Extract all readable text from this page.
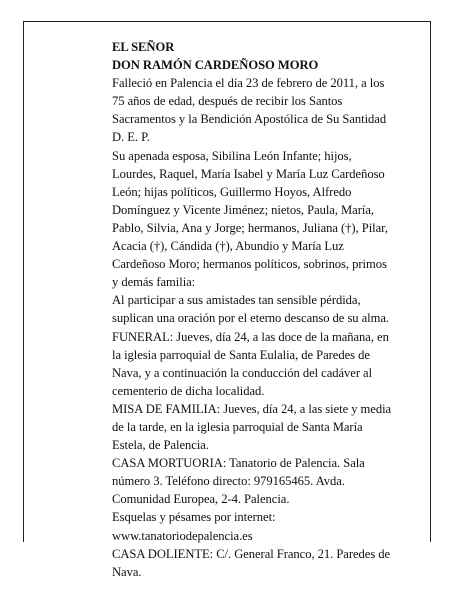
EL SEÑOR
DON RAMÓN CARDEÑOSO MORO

Falleció en Palencia el día 23 de febrero de 2011, a los
75 años de edad, después de recibir los Santos
Sacramentos y la Bendición Apostólica de Su Santidad
D. E. P.

Su apenada esposa, Sibilina León Infante; hijos,
Lourdes, Raquel, María Isabel y María Luz Cardeñoso
León; hijas políticos, Guillermo Hoyos, Alfredo
Domínguez y Vicente Jiménez; nietos, Paula, María,
Pablo, Silvia, Ana y Jorge; hermanos, Juliana (†), Pilar,
Acacia (†), Cándida (†), Abundio y María Luz
Cardeñoso Moro; hermanos políticos, sobrinos, primos
y demás familia:

Al participar a sus amistades tan sensible pérdida,
suplican una oración por el eterno descanso de su alma.

FUNERAL: Jueves, día 24, a las doce de la mañana, en
la iglesia parroquial de Santa Eulalia, de Paredes de
Nava, y a continuación la conducción del cadáver al
cementerio de dicha localidad.

MISA DE FAMILIA: Jueves, día 24, a las siete y media
de la tarde, en la iglesia parroquial de Santa María
Estela, de Palencia.

CASA MORTUORIA: Tanatorio de Palencia. Sala
número 3. Teléfono directo: 979165465. Avda.
Comunidad Europea, 2-4. Palencia.

Esquelas y pésames por internet:
www.tanatoriodepalencia.es

CASA DOLIENTE: C/. General Franco, 21. Paredes de
Nava.
